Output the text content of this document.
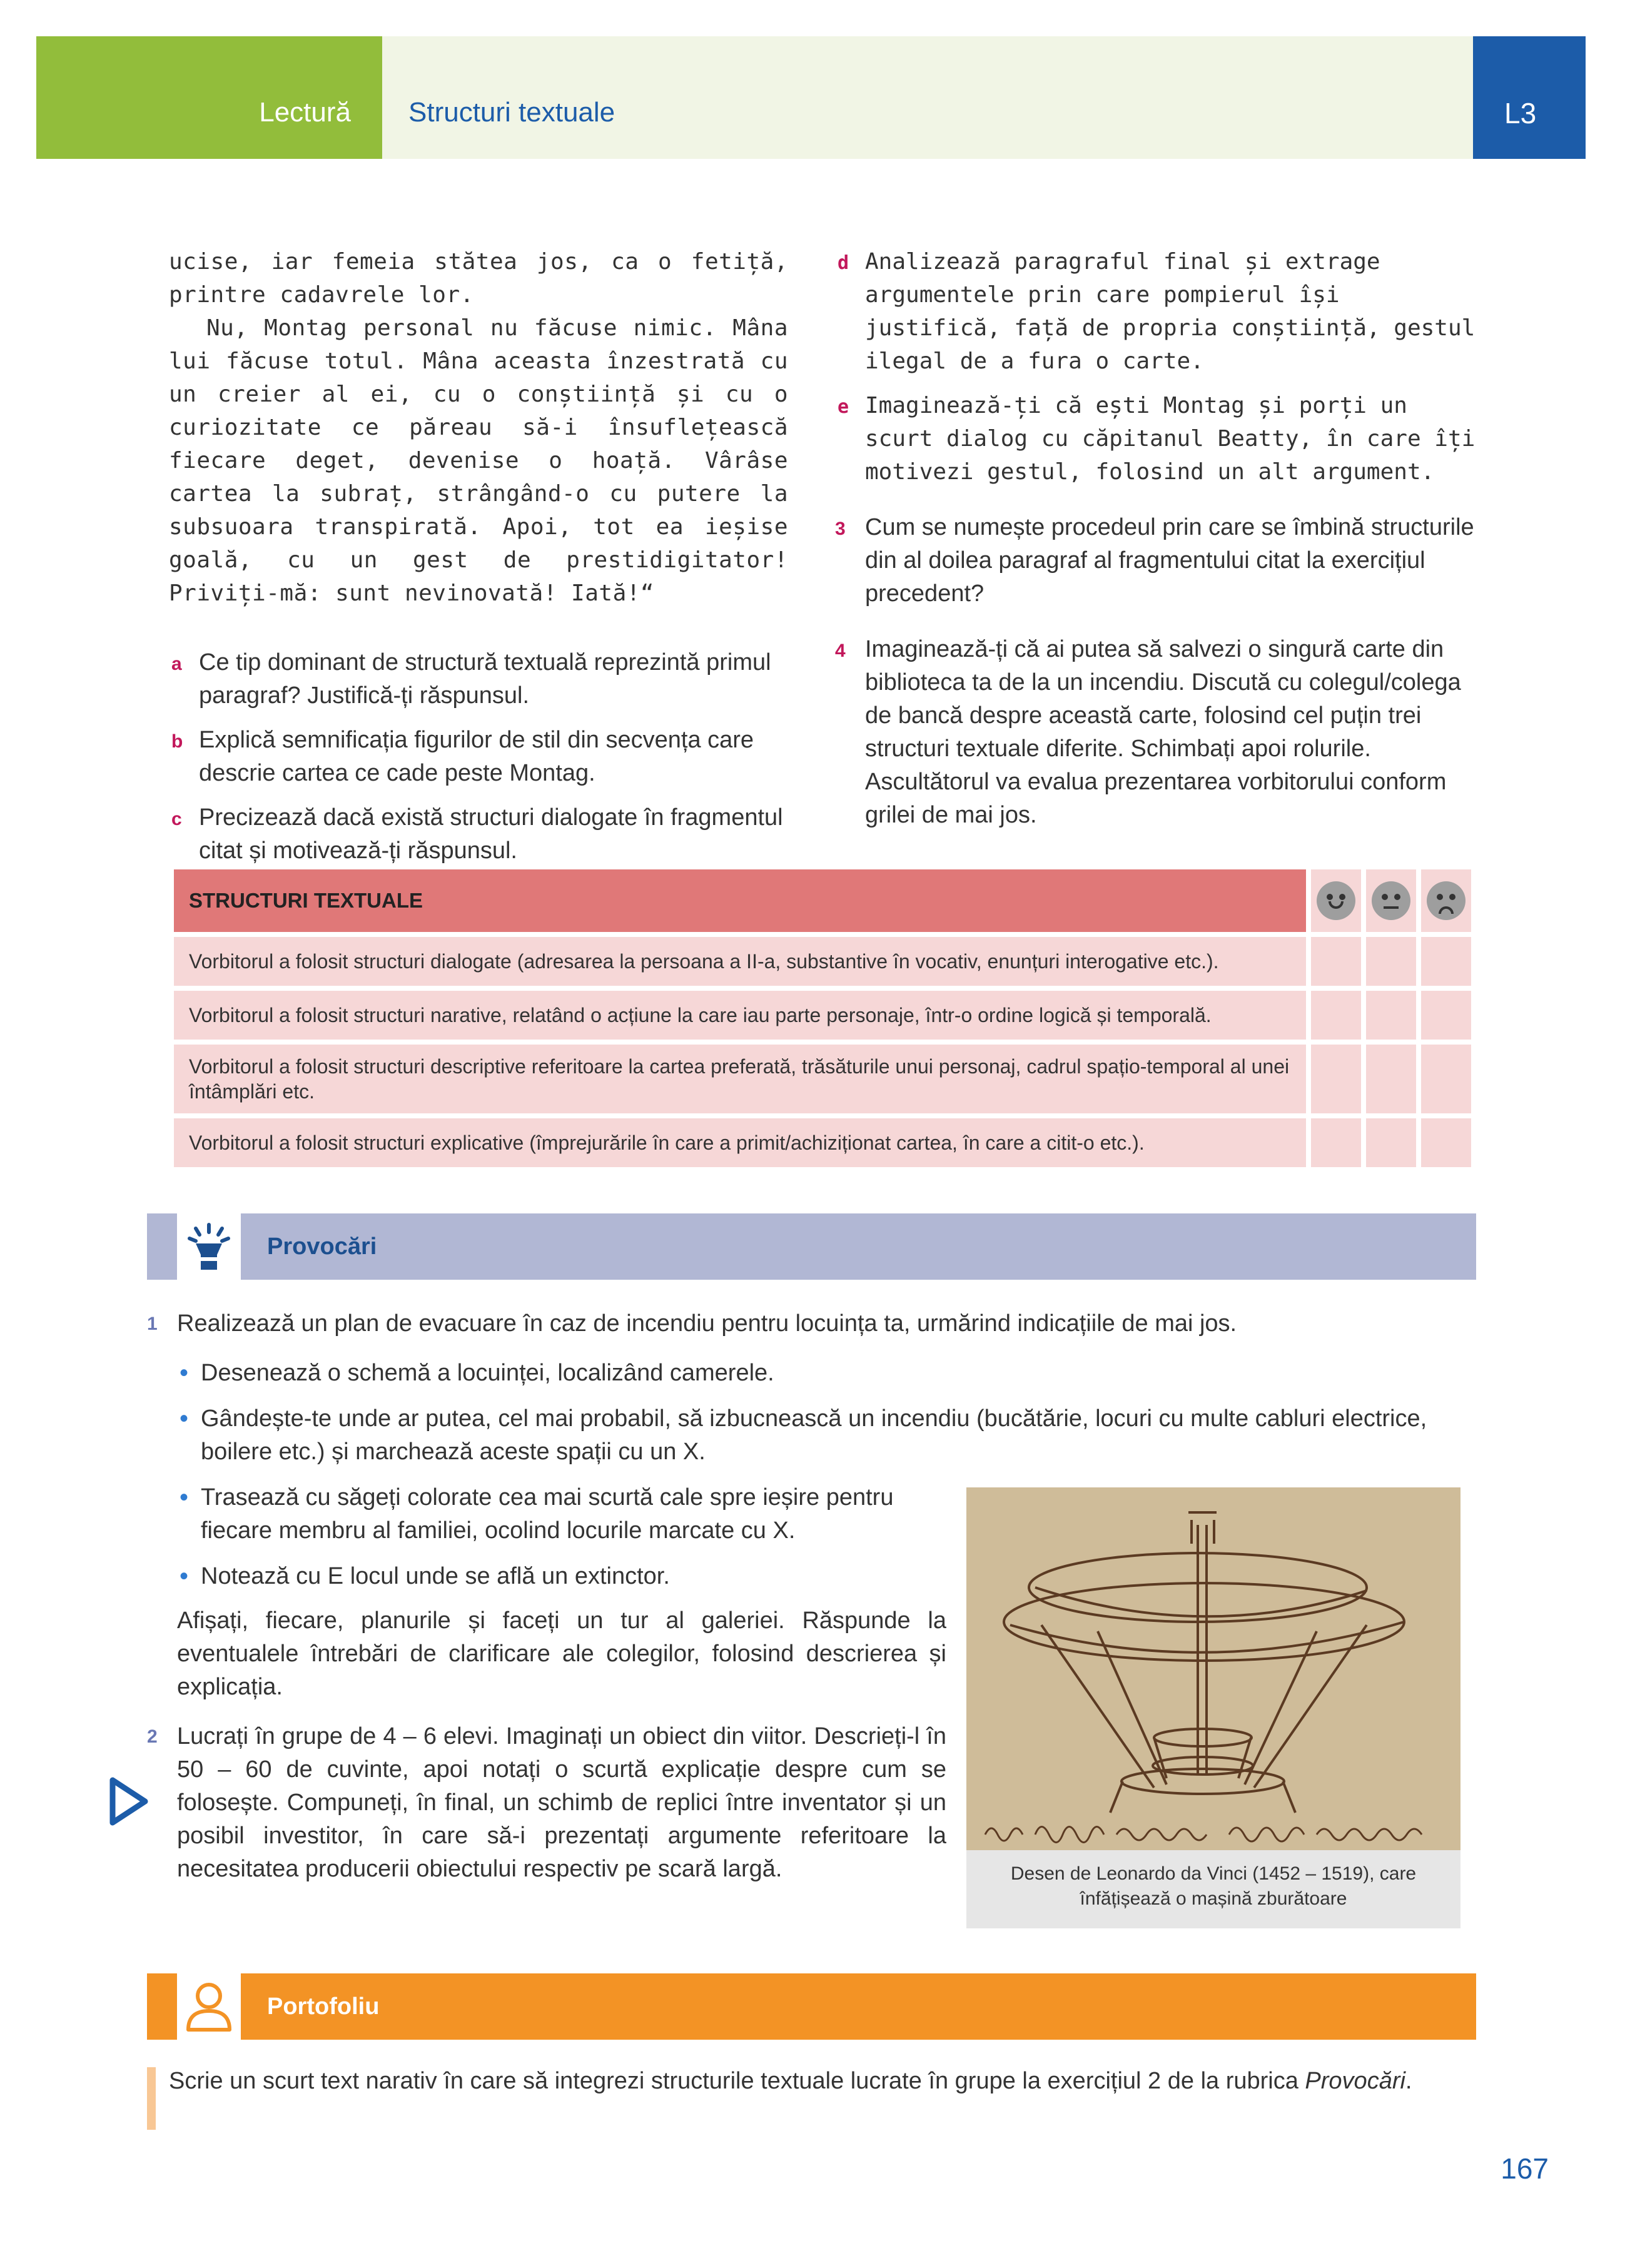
Lectură Structuri textuale	L3

ucise, iar femeia stătea jos, ca o fetiță, printre cadavrele lor.

Nu, Montag personal nu făcuse nimic. Mâna lui făcuse totul. Mâna aceasta înzestrată cu un creier al ei, cu o conștiință și cu o curiozitate ce păreau să-i însuflețească fiecare deget, devenise o hoață. Vârâse cartea la subraț, strângând-o cu putere la subsuoara transpirată. Apoi, tot ea ieșise goală, cu un gest de prestidigitator! Priviți-mă: sunt nevinovată! Iată!“

a Ce tip dominant de structură textuală reprezintă primul paragraf? Justifică-ți răspunsul.
b Explică semnificația figurilor de stil din secvența care descrie cartea ce cade peste Montag.
c Precizează dacă există structuri dialogate în fragmentul citat și motivează-ți răspunsul.
d Analizează paragraful final și extrage argumentele prin care pompierul își justifică, față de propria conștiință, gestul ilegal de a fura o carte.
e Imaginează-ți că ești Montag și porți un scurt dialog cu căpitanul Beatty, în care îți motivezi gestul, folosind un alt argument.
3 Cum se numește procedeul prin care se îmbină structurile din al doilea paragraf al fragmentului citat la exercițiul precedent?
4 Imaginează-ți că ai putea să salvezi o singură carte din biblioteca ta de la un incendiu. Discută cu colegul/colega de bancă despre această carte, folosind cel puțin trei structuri textuale diferite. Schimbați apoi rolurile. Ascultătorul va evalua prezentarea vorbitorului conform grilei de mai jos.
STRUCTURI TEXTUALE
Vorbitorul a folosit structuri dialogate (adresarea la persoana a II-a, substantive în vocativ, enunțuri interogative etc.).
Vorbitorul a folosit structuri narative, relatând o acțiune la care iau parte personaje, într-o ordine logică și temporală.
Vorbitorul a folosit structuri descriptive referitoare la cartea preferată, trăsăturile unui personaj, cadrul spațio-temporal al unei întâmplări etc.
Vorbitorul a folosit structuri explicative (împrejurările în care a primit/achiziționat cartea, în care a citit-o etc.).
Provocări
1 Realizează un plan de evacuare în caz de incendiu pentru locuința ta, urmărind indicațiile de mai jos.
• Desenează o schemă a locuinței, localizând camerele.
• Gândește-te unde ar putea, cel mai probabil, să izbucnească un incendiu (bucătărie, locuri cu multe cabluri electrice, boilere etc.) și marchează aceste spații cu un X.
• Trasează cu săgeți colorate cea mai scurtă cale spre ieșire pentru fiecare membru al familiei, ocolind locurile marcate cu X.
• Notează cu E locul unde se află un extinctor.

Afișați, fiecare, planurile și faceți un tur al galeriei. Răspunde la eventualele întrebări de clarificare ale colegilor, folosind descrierea și explicația.

2 Lucrați în grupe de 4 – 6 elevi. Imaginați un obiect din viitor. Descrieți-l în 50 – 60 de cuvinte, apoi notați o scurtă explicație despre cum se folosește. Compuneți, în final, un schimb de replici între inventator și un posibil investitor, în care să-i prezentați argumente referitoare la necesitatea producerii obiectului respectiv pe scară largă.	Desen de Leonardo da Vinci (1452 – 1519), care înfățișează o mașină zburătoare
Portofoliu

Scrie un scurt text narativ în care să integrezi structurile textuale lucrate în grupe la exercițiul 2 de la rubrica Provocări.

167
